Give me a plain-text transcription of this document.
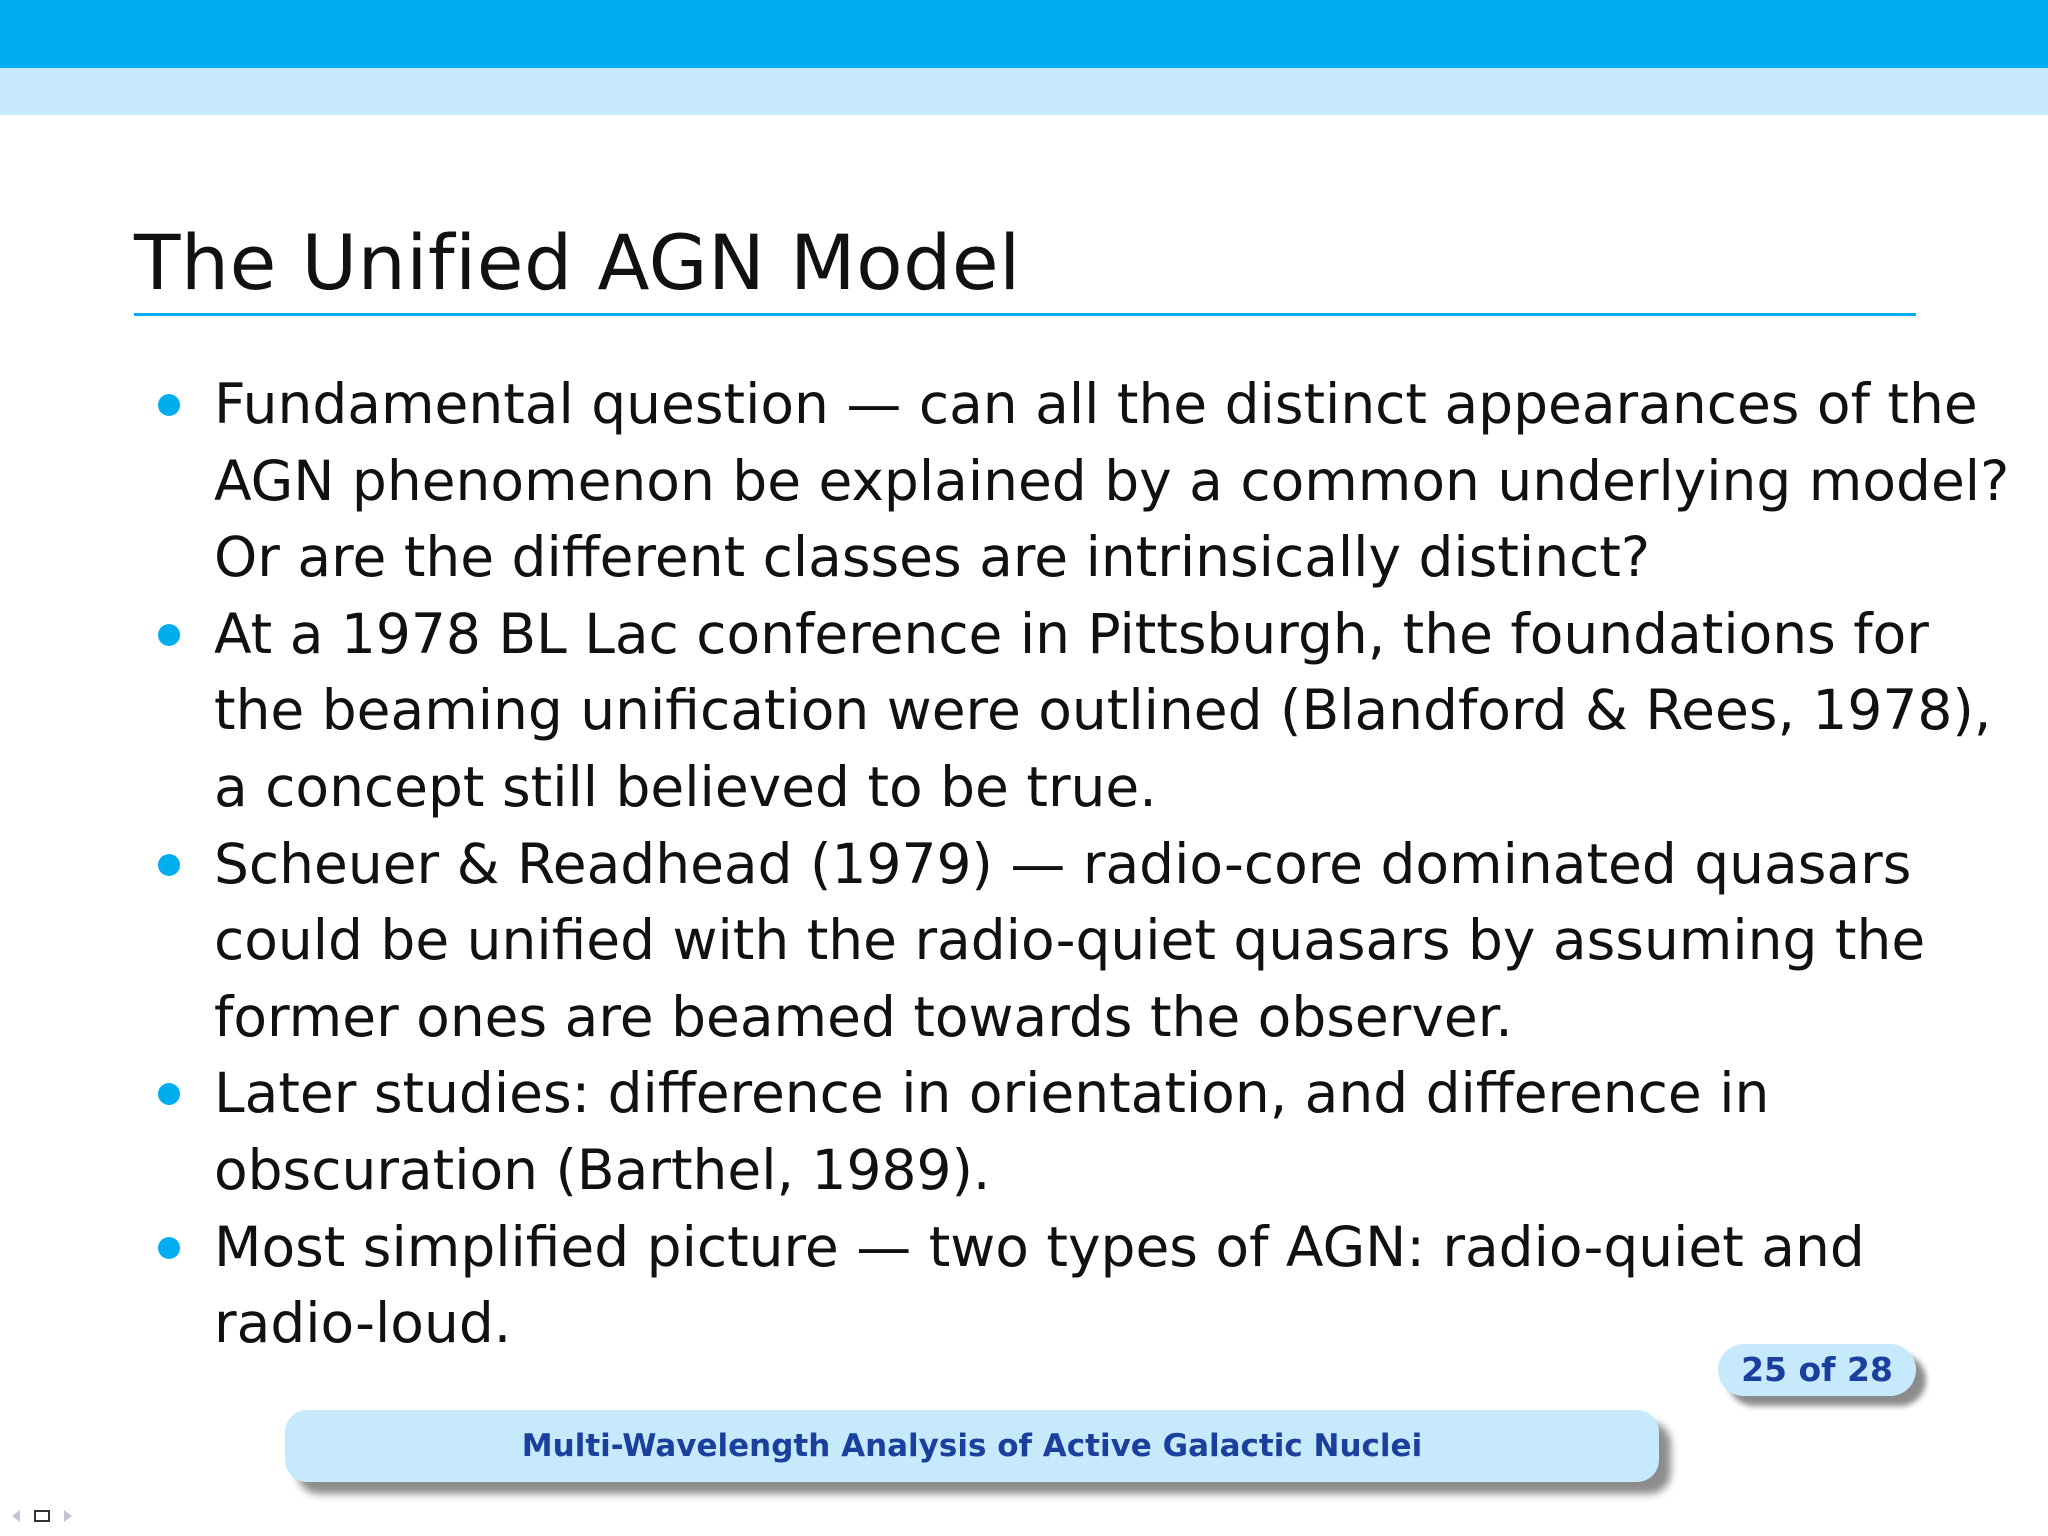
The Unified AGN Model
Fundamental question — can all the distinct appearances of the
AGN phenomenon be explained by a common underlying model?
Or are the different classes are intrinsically distinct?
At a 1978 BL Lac conference in Pittsburgh, the foundations for
the beaming unification were outlined (Blandford & Rees, 1978),
a concept still believed to be true.
Scheuer & Readhead (1979) — radio-core dominated quasars
could be unified with the radio-quiet quasars by assuming the
former ones are beamed towards the observer.
Later studies: difference in orientation, and difference in
obscuration (Barthel, 1989).
Most simplified picture — two types of AGN: radio-quiet and
radio-loud.
25 of 28
Multi-Wavelength Analysis of Active Galactic Nuclei
